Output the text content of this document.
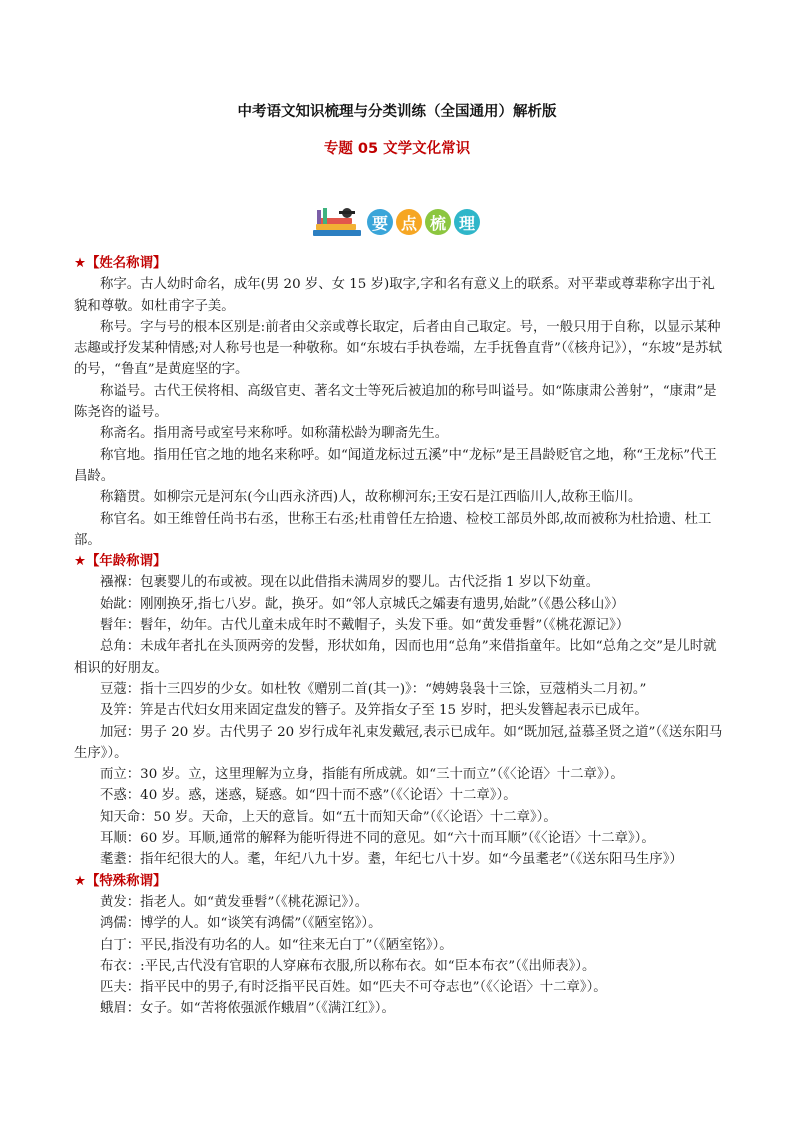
中考语文知识梳理与分类训练（全国通用）解析版
专题 05 文学文化常识
要 点 梳 理
★【姓名称谓】

称字。古人幼时命名，成年(男 20 岁、女 15 岁)取字,字和名有意义上的联系。对平辈或尊辈称字出于礼貌和尊敬。如杜甫字子美。

称号。字与号的根本区别是:前者由父亲或尊长取定，后者由自己取定。号，一般只用于自称，以显示某种志趣或抒发某种情感;对人称号也是一种敬称。如“东坡右手执卷端，左手抚鲁直背”（《核舟记》），“东坡”是苏轼的号，“鲁直”是黄庭坚的字。

称谥号。古代王侯将相、高级官吏、著名文士等死后被追加的称号叫谥号。如“陈康肃公善射”，“康肃”是陈尧咨的谥号。

称斋名。指用斋号或室号来称呼。如称蒲松龄为聊斋先生。

称官地。指用任官之地的地名来称呼。如“闻道龙标过五溪”中“龙标”是王昌龄贬官之地，称“王龙标”代王昌龄。

称籍贯。如柳宗元是河东(今山西永济西)人，故称柳河东;王安石是江西临川人,故称王临川。

称官名。如王维曾任尚书右丞，世称王右丞;杜甫曾任左拾遗、检校工部员外郎,故而被称为杜拾遗、杜工部。

★【年龄称谓】

襁褓：包裹婴儿的布或被。现在以此借指未满周岁的婴儿。古代泛指 1 岁以下幼童。

始龀：刚刚换牙,指七八岁。龀，换牙。如“邻人京城氏之孀妻有遗男,始龀”（《愚公移山》）

髫年：髫年，幼年。古代儿童未成年时不戴帽子，头发下垂。如“黄发垂髫”（《桃花源记》）

总角：未成年者扎在头顶两旁的发髻，形状如角，因而也用“总角”来借指童年。比如“总角之交”是儿时就相识的好朋友。

豆蔻：指十三四岁的少女。如杜牧《赠别二首(其一)》：“娉娉袅袅十三馀，豆蔻梢头二月初。”

及笄：笄是古代妇女用来固定盘发的簪子。及笄指女子至 15 岁时，把头发簪起表示已成年。

加冠：男子 20 岁。古代男子 20 岁行成年礼束发戴冠,表示已成年。如“既加冠,益慕圣贤之道”（《送东阳马生序》）。

而立：30 岁。立，这里理解为立身，指能有所成就。如“三十而立”（《〈论语〉十二章》）。

不惑：40 岁。惑，迷惑，疑惑。如“四十而不惑”（《〈论语〉十二章》）。

知天命：50 岁。天命，上天的意旨。如“五十而知天命”（《〈论语〉十二章》）。

耳顺：60 岁。耳顺,通常的解释为能听得进不同的意见。如“六十而耳顺”（《〈论语〉十二章》）。

耄耋：指年纪很大的人。耄，年纪八九十岁。耋，年纪七八十岁。如“今虽耄老”（《送东阳马生序》）

★【特殊称谓】

黄发：指老人。如“黄发垂髫”（《桃花源记》）。

鸿儒：博学的人。如“谈笑有鸿儒”（《陋室铭》）。

白丁：平民,指没有功名的人。如“往来无白丁”（《陋室铭》）。

布衣：:平民,古代没有官职的人穿麻布衣服,所以称布衣。如“臣本布衣”（《出师表》）。

匹夫：指平民中的男子,有时泛指平民百姓。如“匹夫不可夺志也”（《〈论语〉十二章》）。

蛾眉：女子。如“苦将侬强派作蛾眉”（《满江红》）。
